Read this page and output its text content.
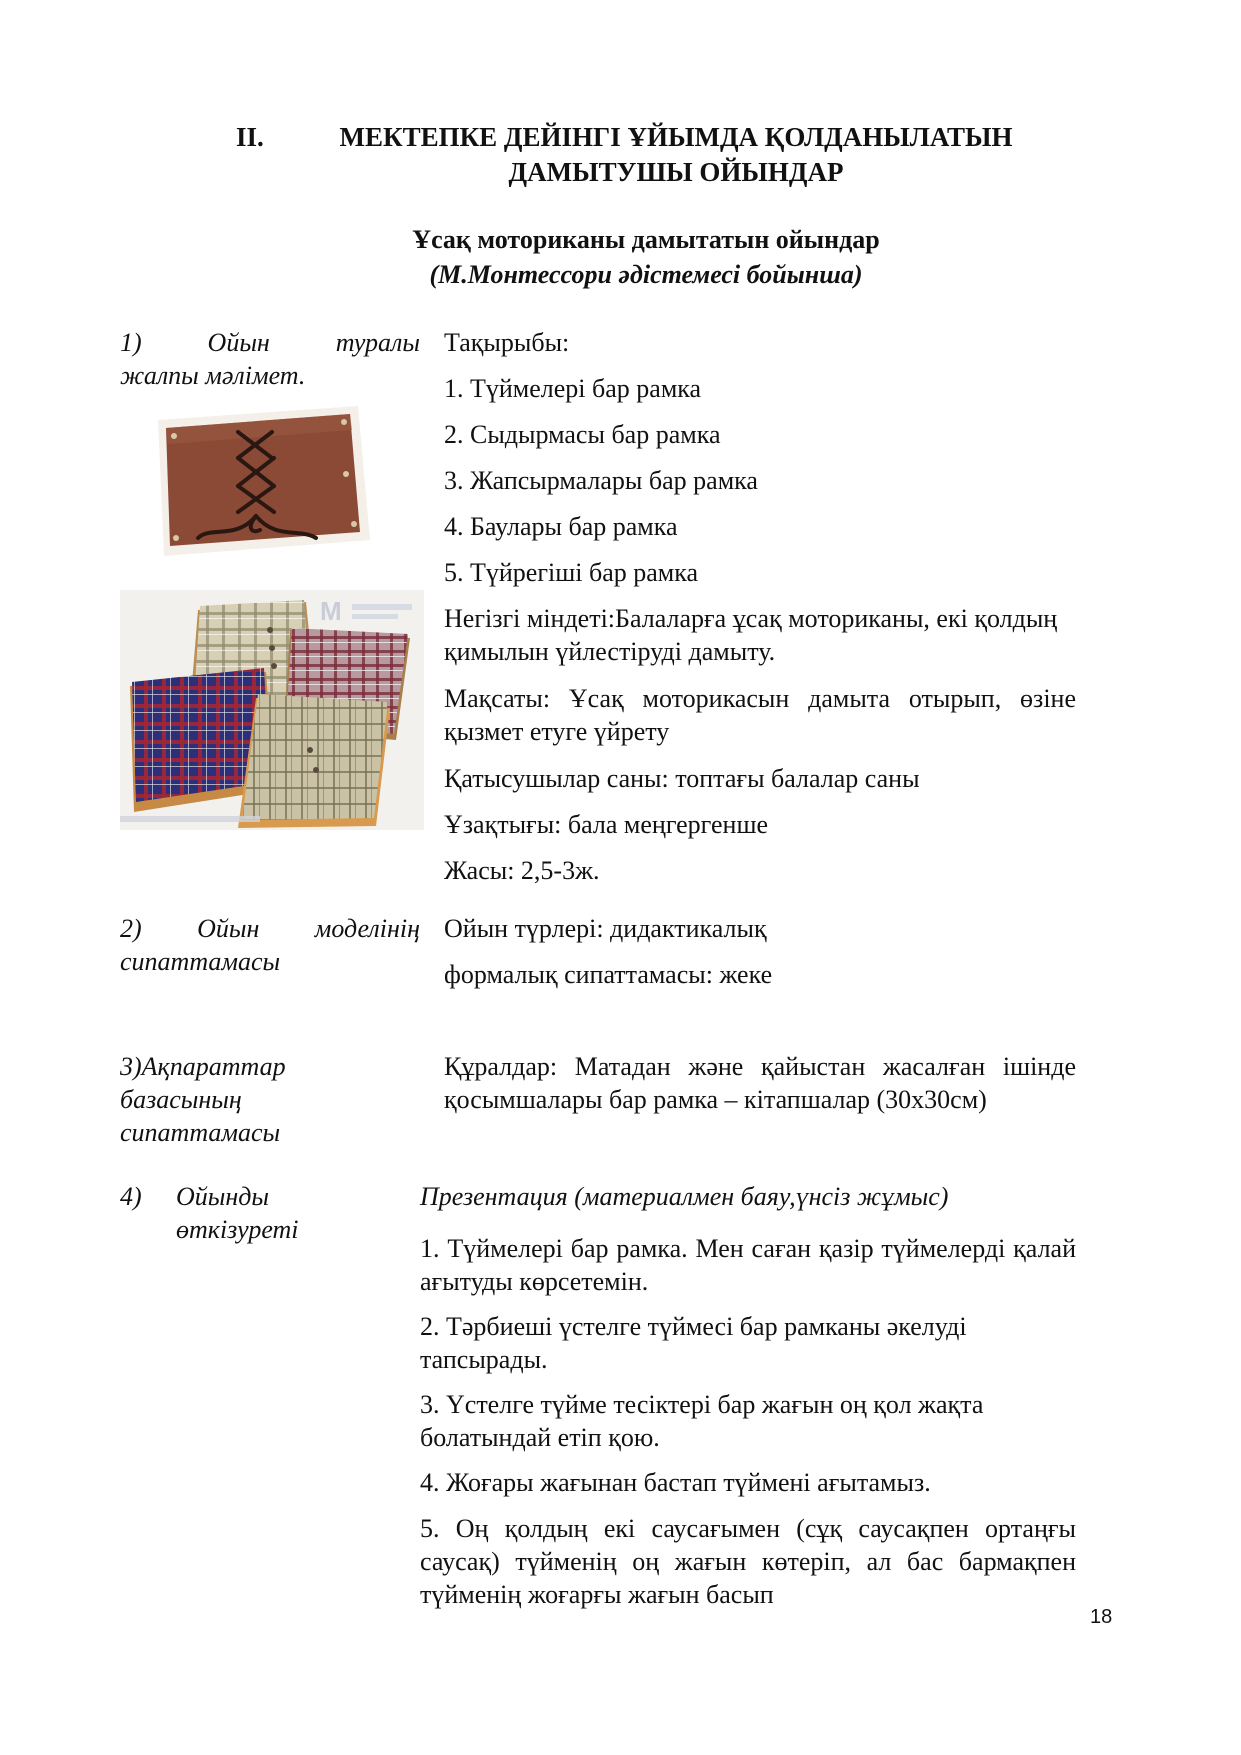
II.	МЕКТЕПКЕ ДЕЙІНГІ ҰЙЫМДА ҚОЛДАНЫЛАТЫН
ДАМЫТУШЫ ОЙЫНДАР
Ұсақ моториканы дамытатын ойындар
(М.Монтессори әдістемесі бойынша)
1) Ойын туралы
жалпы мәлімет.
M
Тақырыбы:
1. Түймелері бар рамка
2. Сыдырмасы бар рамка
3. Жапсырмалары бар рамка
4. Баулары бар рамка
5. Түйрегіші бар рамка
Негізгі міндеті:Балаларға ұсақ моториканы, екі қолдың қимылын үйлестіруді дамыту.
Мақсаты: Ұсақ моторикасын дамыта отырып, өзіне қызмет етуге үйрету
Қатысушылар саны: топтағы балалар саны
Ұзақтығы: бала меңгергенше
Жасы: 2,5-3ж.
2) Ойын моделінің
сипаттамасы
Ойын түрлері: дидактикалық
формалық сипаттамасы: жеке
3)Ақпараттар
базасының
сипаттамасы
Құралдар: Матадан және қайыстан жасалған ішінде қосымшалары бар рамка – кітапшалар (30х30см)
4)	Ойынды
өткізуреті
Презентация (материалмен баяу,үнсіз жұмыс)
1. Түймелері бар рамка. Мен саған қазір түймелерді қалай ағытуды көрсетемін.
2. Тәрбиеші үстелге түймесі бар рамканы әкелуді тапсырады.
3. Үстелге түйме тесіктері бар жағын оң қол жақта болатындай етіп қою.
4. Жоғары жағынан бастап түймені ағытамыз.
5. Оң қолдың екі саусағымен (сұқ саусақпен ортаңғы саусақ) түйменің оң жағын көтеріп, ал бас бармақпен түйменің жоғарғы жағын басып
18
